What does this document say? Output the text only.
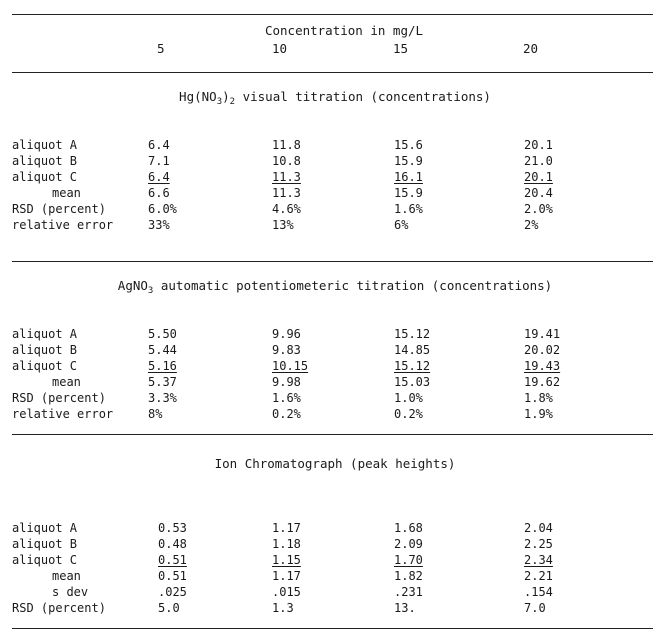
Concentration in mg/L
5	10	15	20
$Hg(NO_3)_2$ visual titration (concentrations)
AgNO$_3$ automatic potentiometeric titration (concentrations)
Ion Chromatograph (peak heights)
aliquot A	6.4	11.8	15.6	20.1
aliquot B	7.1	10.8	15.9	21.0
aliquot C	6.4	11.3	16.1	20.1
mean	6.6	11.3	15.9	20.4
RSD (percent)	6.0%	4.6%	1.6%	2.0%
relative error	33%	13%	6%	2%
aliquot A	5.50	9.96	15.12	19.41
aliquot B	5.44	9.83	14.85	20.02
aliquot C	5.16	10.15	15.12	19.43
mean	5.37	9.98	15.03	19.62
RSD (percent)	3.3%	1.6%	1.0%	1.8%
relative error	8%	0.2%	0.2%	1.9%
aliquot A	0.53	1.17	1.68	2.04
aliquot B	0.48	1.18	2.09	2.25
aliquot C	0.51	1.15	1.70	2.34
mean	0.51	1.17	1.82	2.21
s dev	.025	.015	.231	.154
RSD (percent)	5.0	1.3	13.	7.0
